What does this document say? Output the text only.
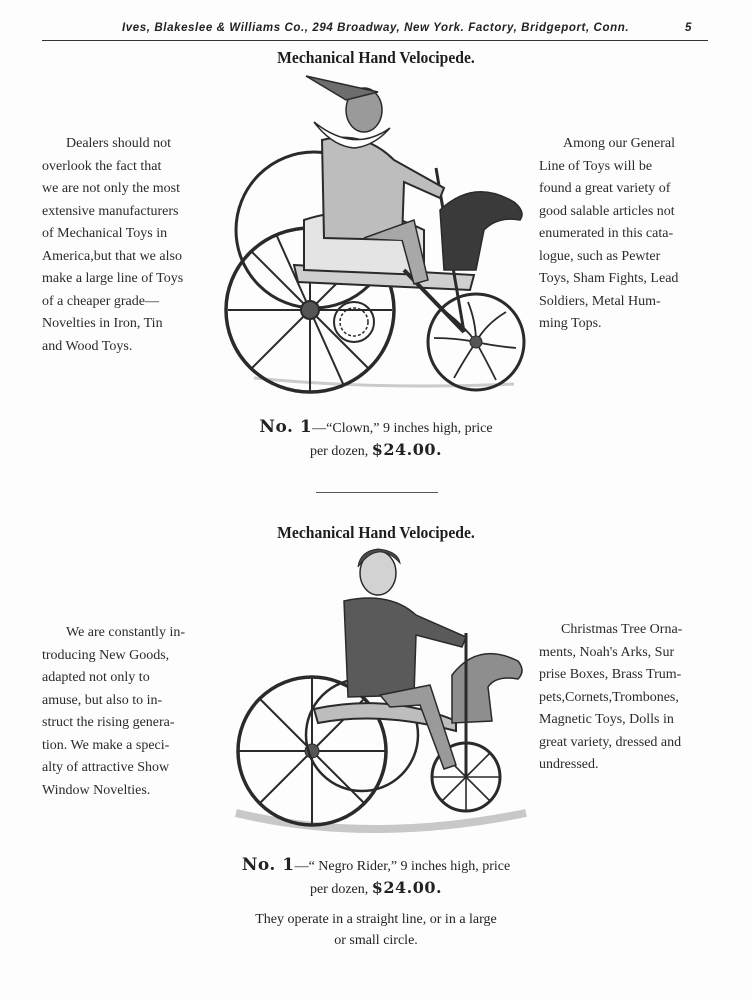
Ives, Blakeslee & Williams Co., 294 Broadway, New York. Factory, Bridgeport, Conn.	5
Mechanical Hand Velocipede.
Dealers should not
overlook the fact that
we are not only the most
extensive manufacturers
of Mechanical Toys in
America,but that we also
make a large line of Toys
of a cheaper grade—
Novelties in Iron, Tin
and Wood Toys.
Among our General
Line of Toys will be
found a great variety of
good salable articles not
enumerated in this cata-
logue, such as Pewter
Toys, Sham Fights, Lead
Soldiers, Metal Hum-
ming Tops.
No. 1—“Clown,” 9 inches high, price
per dozen, $24.00.
Mechanical Hand Velocipede.
We are constantly in-
troducing New Goods,
adapted not only to
amuse, but also to in-
struct the rising genera-
tion. We make a speci-
alty of attractive Show
Window Novelties.
Christmas Tree Orna-
ments, Noah's Arks, Sur
prise Boxes, Brass Trum-
pets,Cornets,Trombones,
Magnetic Toys, Dolls in
great variety, dressed and
undressed.
No. 1—“ Negro Rider,” 9 inches high, price
per dozen, $24.00.
They operate in a straight line, or in a large
or small circle.
